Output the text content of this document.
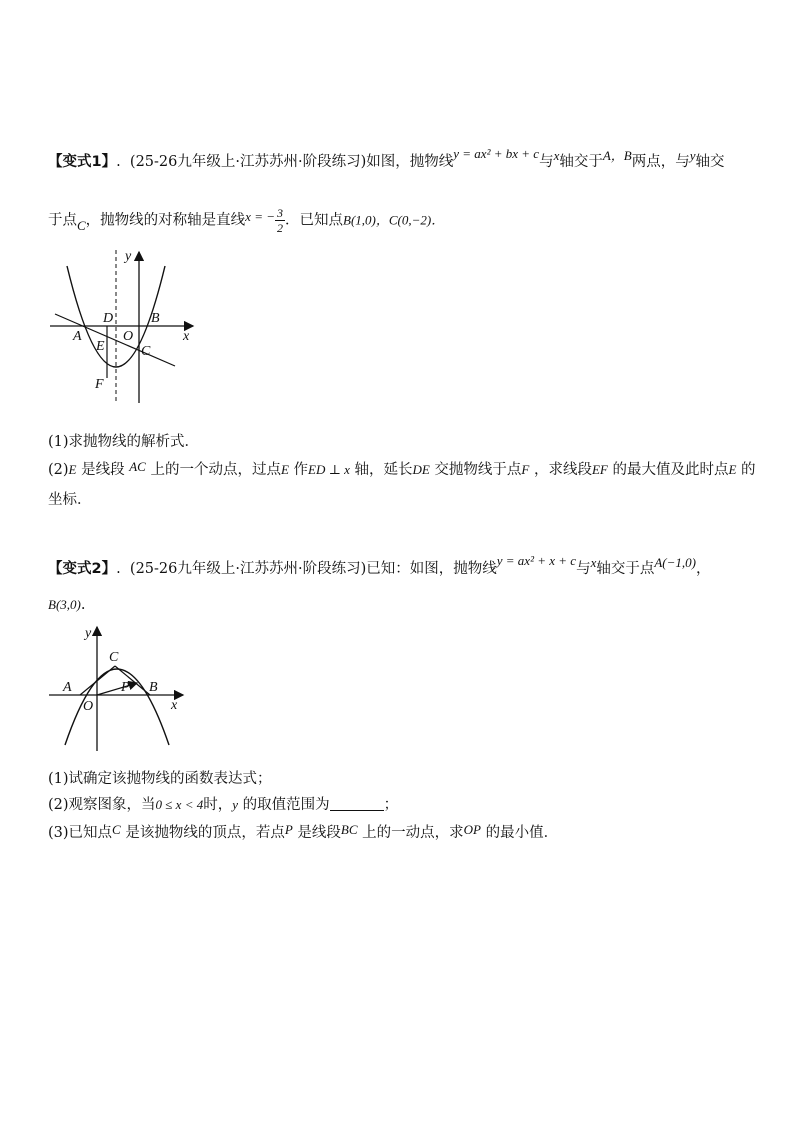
【变式1】. (25-26九年级上·江苏苏州·阶段练习)如图，抛物线y = ax² + bx + c与x轴交于A，B两点，与y轴交
于点C，抛物线的对称轴是直线x = − $\frac{3}{2}$ ．已知点B(1,0)，C(0,−2)．
y
x
D	B
O
A
E	C
F
(1)求抛物线的解析式．
(2)E 是线段 AC 上的一个动点，过点E 作ED ⊥ x 轴，延长DE 交抛物线于点F ，求线段EF 的最大值及此时点E 的
坐标．
【变式2】. (25-26九年级上·江苏苏州·阶段练习)已知：如图，抛物线y = ax² + x + c与x轴交于点A(−1,0)，
B(3,0).
y
C
A	P B
O	x
(1)试确定该抛物线的函数表达式；
(2)观察图象，当0 ≤ x < 4时，y 的取值范围为	；
(3)已知点C 是该抛物线的顶点，若点P 是线段BC 上的一动点，求OP 的最小值．
